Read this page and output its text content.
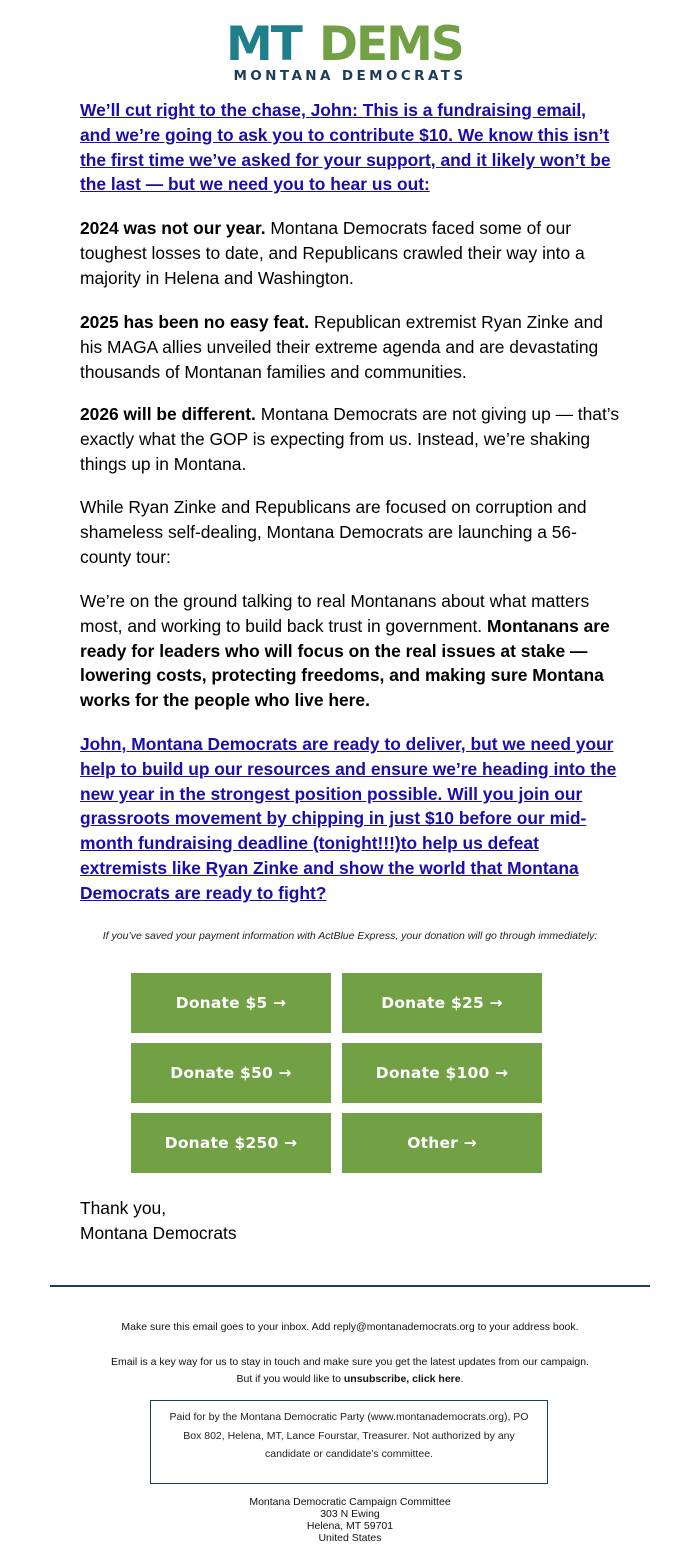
MT DEMS
MONTANA DEMOCRATS

We’ll cut right to the chase, John: This is a fundraising email, and we’re going to ask you to contribute $10. We know this isn’t the first time we’ve asked for your support, and it likely won’t be the last — but we need you to hear us out:

2024 was not our year. Montana Democrats faced some of our toughest losses to date, and Republicans crawled their way into a majority in Helena and Washington.

2025 has been no easy feat. Republican extremist Ryan Zinke and his MAGA allies unveiled their extreme agenda and are devastating thousands of Montanan families and communities.

2026 will be different. Montana Democrats are not giving up — that’s exactly what the GOP is expecting from us. Instead, we’re shaking things up in Montana.

While Ryan Zinke and Republicans are focused on corruption and shameless self-dealing, Montana Democrats are launching a 56-county tour:

We’re on the ground talking to real Montanans about what matters most, and working to build back trust in government. Montanans are ready for leaders who will focus on the real issues at stake — lowering costs, protecting freedoms, and making sure Montana works for the people who live here.

John, Montana Democrats are ready to deliver, but we need your help to build up our resources and ensure we’re heading into the new year in the strongest position possible. Will you join our grassroots movement by chipping in just $10 before our mid-month fundraising deadline (tonight!!!)to help us defeat extremists like Ryan Zinke and show the world that Montana Democrats are ready to fight?

If you’ve saved your payment information with ActBlue Express, your donation will go through immediately:
Donate $5 →	Donate $25 →
Donate $50 →	Donate $100 →
Donate $250 →	Other →
Thank you,
Montana Democrats
Make sure this email goes to your inbox. Add reply@montanademocrats.org to your address book.
Email is a key way for us to stay in touch and make sure you get the latest updates from our campaign.
But if you would like to unsubscribe, click here.
Paid for by the Montana Democratic Party (www.montanademocrats.org), PO Box 802, Helena, MT, Lance Fourstar, Treasurer. Not authorized by any candidate or candidate’s committee.
Montana Democratic Campaign Committee
303 N Ewing
Helena, MT 59701
United States
